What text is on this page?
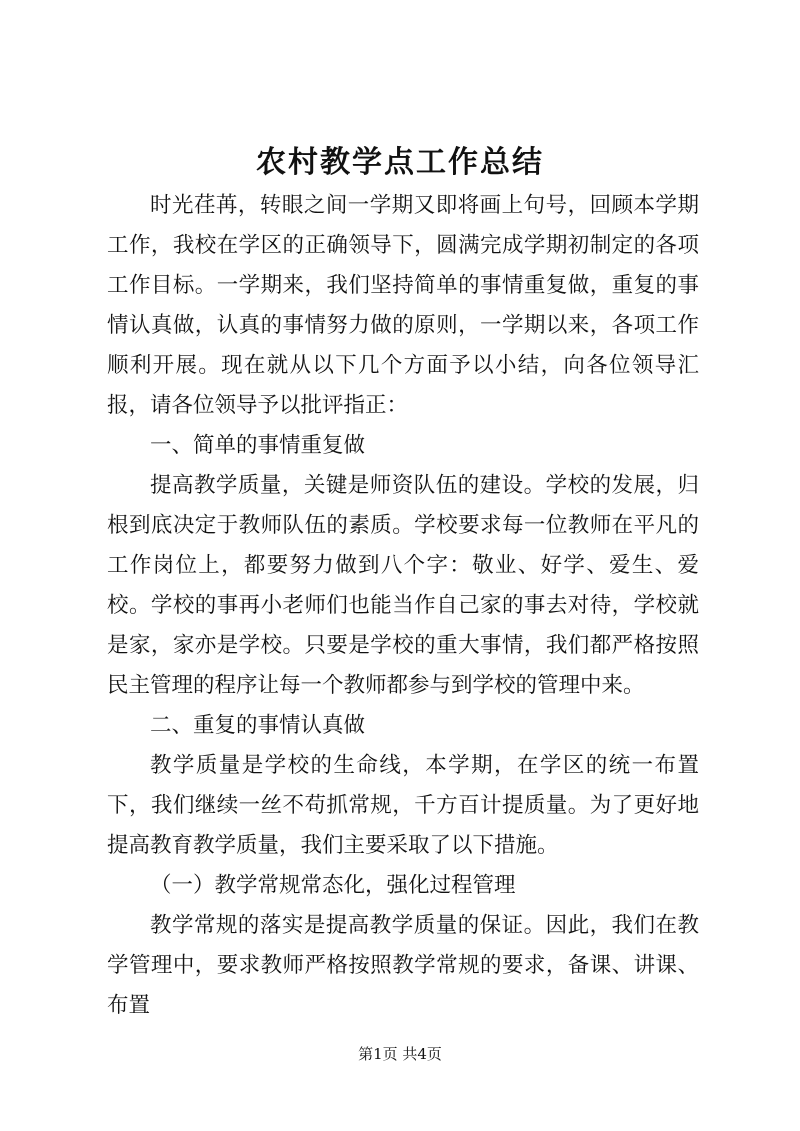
农村教学点工作总结

时光荏苒，转眼之间一学期又即将画上句号，回顾本学期工作，我校在学区的正确领导下，圆满完成学期初制定的各项工作目标。一学期来，我们坚持简单的事情重复做，重复的事情认真做，认真的事情努力做的原则，一学期以来，各项工作顺利开展。现在就从以下几个方面予以小结，向各位领导汇报，请各位领导予以批评指正：

一、简单的事情重复做

提高教学质量，关键是师资队伍的建设。学校的发展，归根到底决定于教师队伍的素质。学校要求每一位教师在平凡的工作岗位上，都要努力做到八个字：敬业、好学、爱生、爱校。学校的事再小老师们也能当作自己家的事去对待，学校就是家，家亦是学校。只要是学校的重大事情，我们都严格按照民主管理的程序让每一个教师都参与到学校的管理中来。

二、重复的事情认真做

教学质量是学校的生命线，本学期，在学区的统一布置下，我们继续一丝不苟抓常规，千方百计提质量。为了更好地提高教育教学质量，我们主要采取了以下措施。

（一）教学常规常态化，强化过程管理

教学常规的落实是提高教学质量的保证。因此，我们在教学管理中，要求教师严格按照教学常规的要求，备课、讲课、布置

第1页 共4页
